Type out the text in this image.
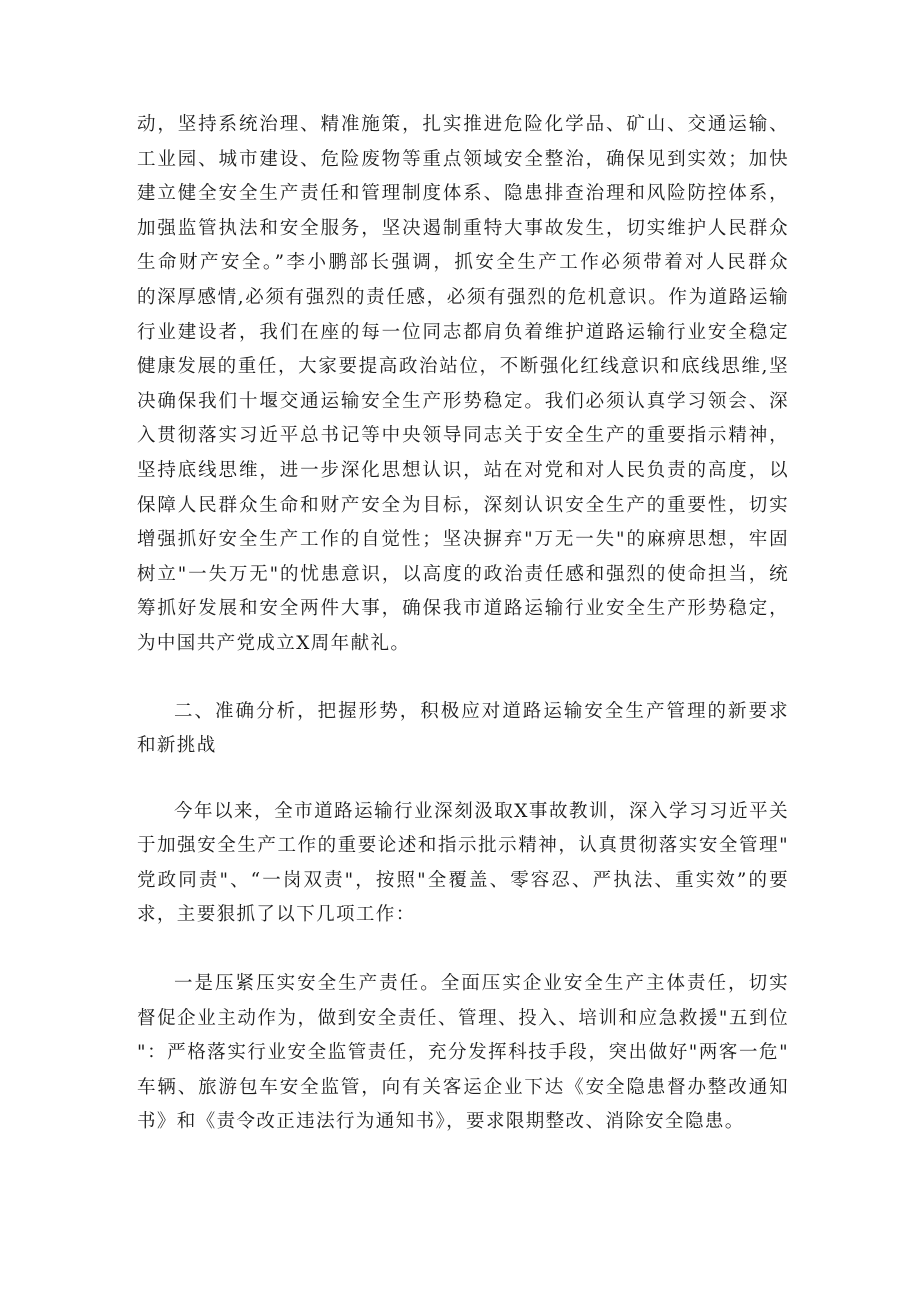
动，坚持系统治理、精准施策，扎实推进危险化学品、矿山、交通运输、
工业园、城市建设、危险废物等重点领域安全整治，确保见到实效；加快
建立健全安全生产责任和管理制度体系、隐患排查治理和风险防控体系，
加强监管执法和安全服务，坚决遏制重特大事故发生，切实维护人民群众
生命财产安全。”李小鹏部长强调，抓安全生产工作必须带着对人民群众
的深厚感情,必须有强烈的责任感，必须有强烈的危机意识。作为道路运输
行业建设者，我们在座的每一位同志都肩负着维护道路运输行业安全稳定
健康发展的重任，大家要提高政治站位，不断强化红线意识和底线思维,坚
决确保我们十堰交通运输安全生产形势稳定。我们必须认真学习领会、深
入贯彻落实习近平总书记等中央领导同志关于安全生产的重要指示精神，
坚持底线思维，进一步深化思想认识，站在对党和对人民负责的高度，以
保障人民群众生命和财产安全为目标，深刻认识安全生产的重要性，切实
增强抓好安全生产工作的自觉性；坚决摒弃"万无一失"的麻痹思想，牢固
树立"一失万无"的忧患意识，以高度的政治责任感和强烈的使命担当，统
筹抓好发展和安全两件大事，确保我市道路运输行业安全生产形势稳定，
为中国共产党成立X周年献礼。
二、准确分析，把握形势，积极应对道路运输安全生产管理的新要求
和新挑战
今年以来，全市道路运输行业深刻汲取X事故教训，深入学习习近平关
于加强安全生产工作的重要论述和指示批示精神，认真贯彻落实安全管理"
党政同责"、“一岗双责"，按照"全覆盖、零容忍、严执法、重实效”的要
求，主要狠抓了以下几项工作：
一是压紧压实安全生产责任。全面压实企业安全生产主体责任，切实
督促企业主动作为，做到安全责任、管理、投入、培训和应急救援"五到位
"：严格落实行业安全监管责任，充分发挥科技手段，突出做好"两客一危"
车辆、旅游包车安全监管，向有关客运企业下达《安全隐患督办整改通知
书》和《责令改正违法行为通知书》，要求限期整改、消除安全隐患。
